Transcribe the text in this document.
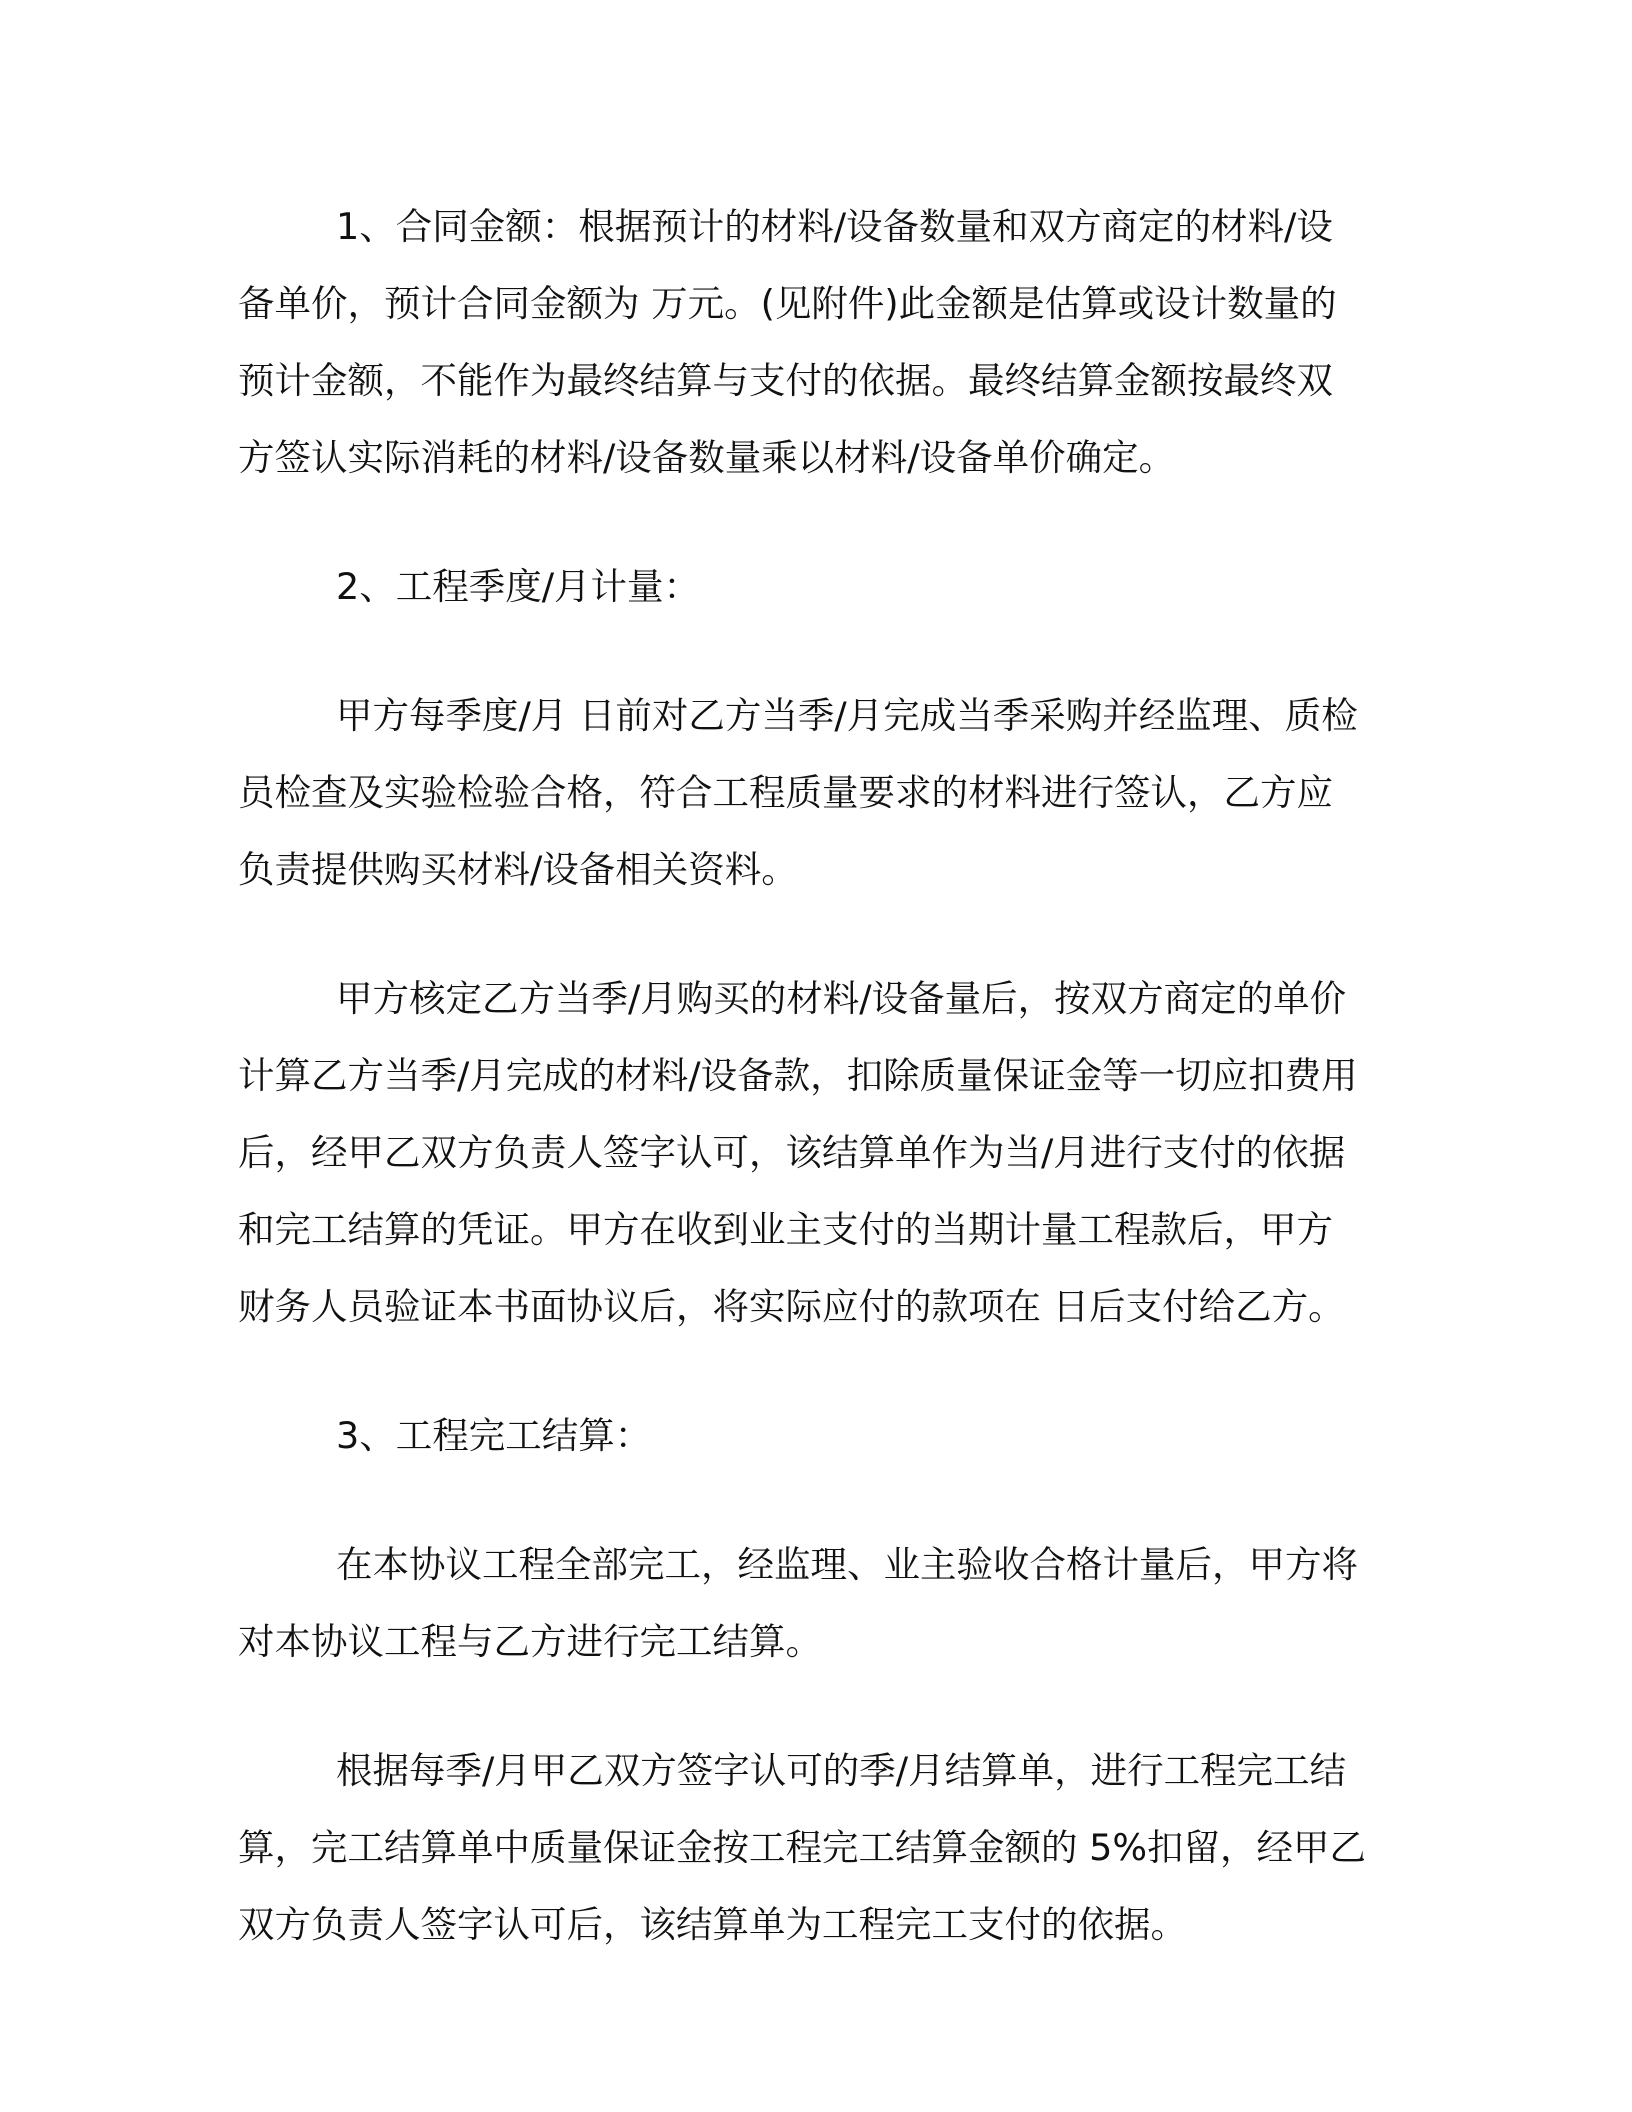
1、合同金额：根据预计的材料/设备数量和双方商定的材料/设
备单价，预计合同金额为 万元。(见附件)此金额是估算或设计数量的
预计金额，不能作为最终结算与支付的依据。最终结算金额按最终双
方签认实际消耗的材料/设备数量乘以材料/设备单价确定。

2、工程季度/月计量：

甲方每季度/月 日前对乙方当季/月完成当季采购并经监理、质检
员检查及实验检验合格，符合工程质量要求的材料进行签认，乙方应
负责提供购买材料/设备相关资料。

甲方核定乙方当季/月购买的材料/设备量后，按双方商定的单价
计算乙方当季/月完成的材料/设备款，扣除质量保证金等一切应扣费用
后，经甲乙双方负责人签字认可，该结算单作为当/月进行支付的依据
和完工结算的凭证。甲方在收到业主支付的当期计量工程款后，甲方
财务人员验证本书面协议后，将实际应付的款项在 日后支付给乙方。

3、工程完工结算：

在本协议工程全部完工，经监理、业主验收合格计量后，甲方将
对本协议工程与乙方进行完工结算。

根据每季/月甲乙双方签字认可的季/月结算单，进行工程完工结
算，完工结算单中质量保证金按工程完工结算金额的 5%扣留，经甲乙
双方负责人签字认可后，该结算单为工程完工支付的依据。
